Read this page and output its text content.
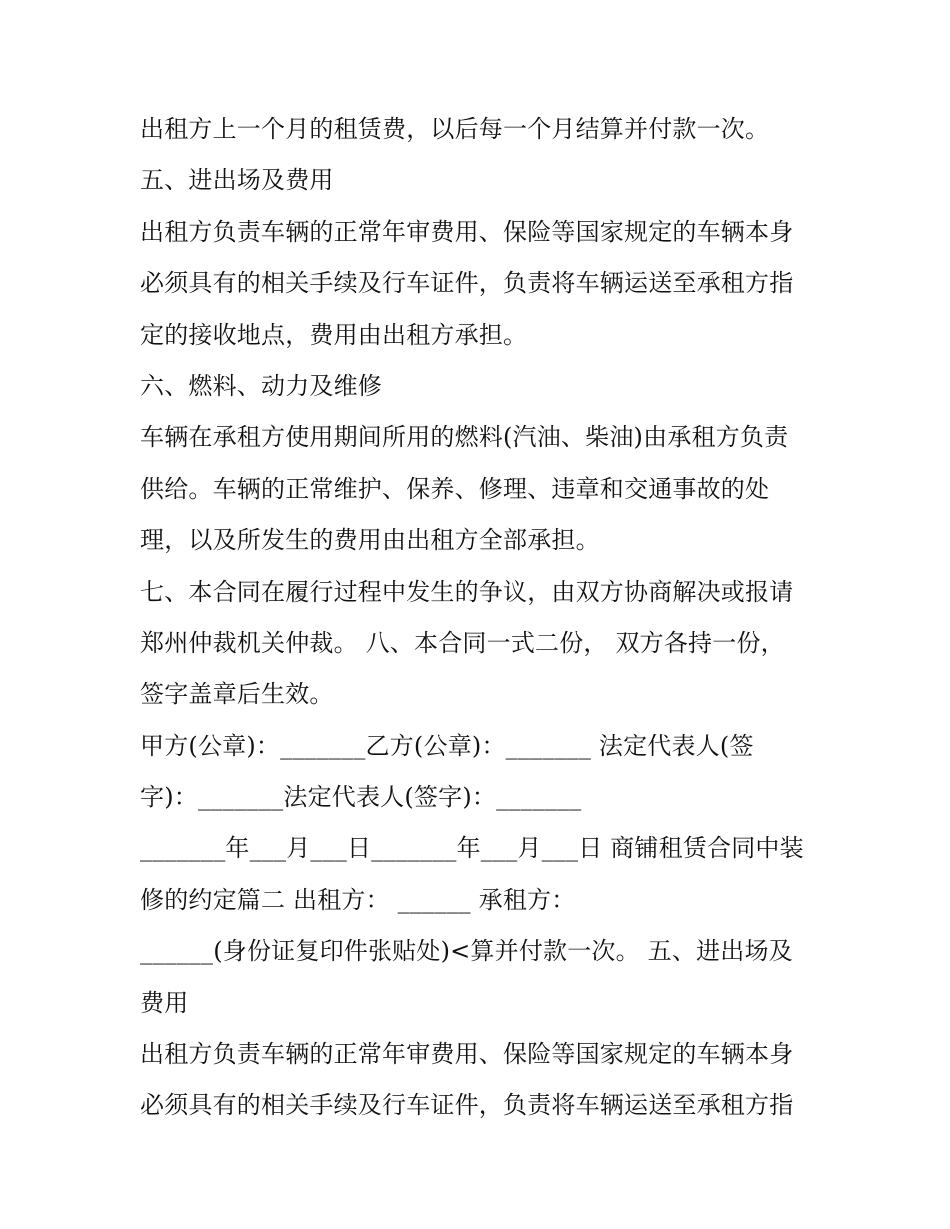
出租方上一个月的租赁费，以后每一个月结算并付款一次。
五、进出场及费用
出租方负责车辆的正常年审费用、保险等国家规定的车辆本身
必须具有的相关手续及行车证件，负责将车辆运送至承租方指
定的接收地点，费用由出租方承担。
六、燃料、动力及维修
车辆在承租方使用期间所用的燃料(汽油、柴油)由承租方负责
供给。车辆的正常维护、保养、修理、违章和交通事故的处
理，以及所发生的费用由出租方全部承担。
七、本合同在履行过程中发生的争议，由双方协商解决或报请
郑州仲裁机关仲裁。 八、本合同一式二份， 双方各持一份，
签字盖章后生效。
甲方(公章)：_______乙方(公章)：_______ 法定代表人(签
字)：_______法定代表人(签字)：_______
_______年___月___日_______年___月___日 商铺租赁合同中装
修的约定篇二 出租方： ______ 承租方：
______(身份证复印件张贴处)<算并付款一次。 五、进出场及
费用
出租方负责车辆的正常年审费用、保险等国家规定的车辆本身
必须具有的相关手续及行车证件，负责将车辆运送至承租方指
